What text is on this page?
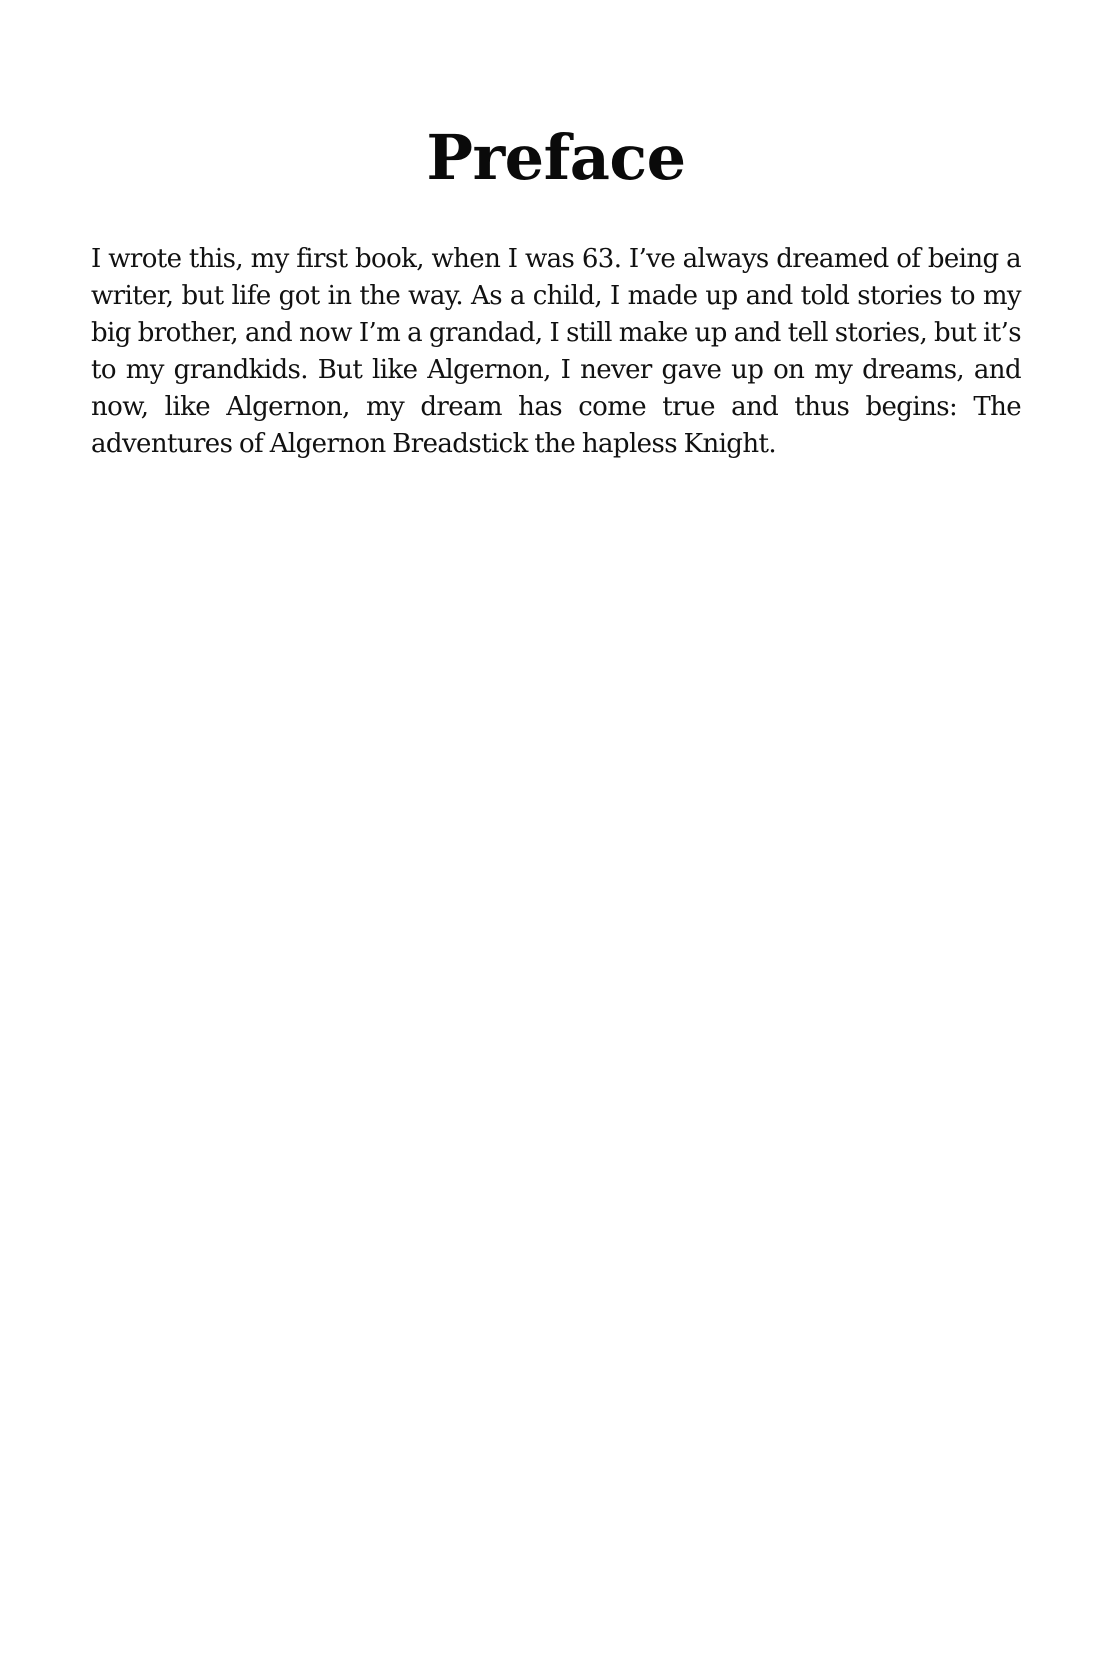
Preface

I wrote this, my first book, when I was 63. I’ve always dreamed of being a writer, but life got in the way. As a child, I made up and told stories to my big brother, and now I’m a grandad, I still make up and tell stories, but it’s to my grandkids. But like Algernon, I never gave up on my dreams, and now, like Algernon, my dream has come true and thus begins: The adventures of Algernon Breadstick the hapless Knight.
